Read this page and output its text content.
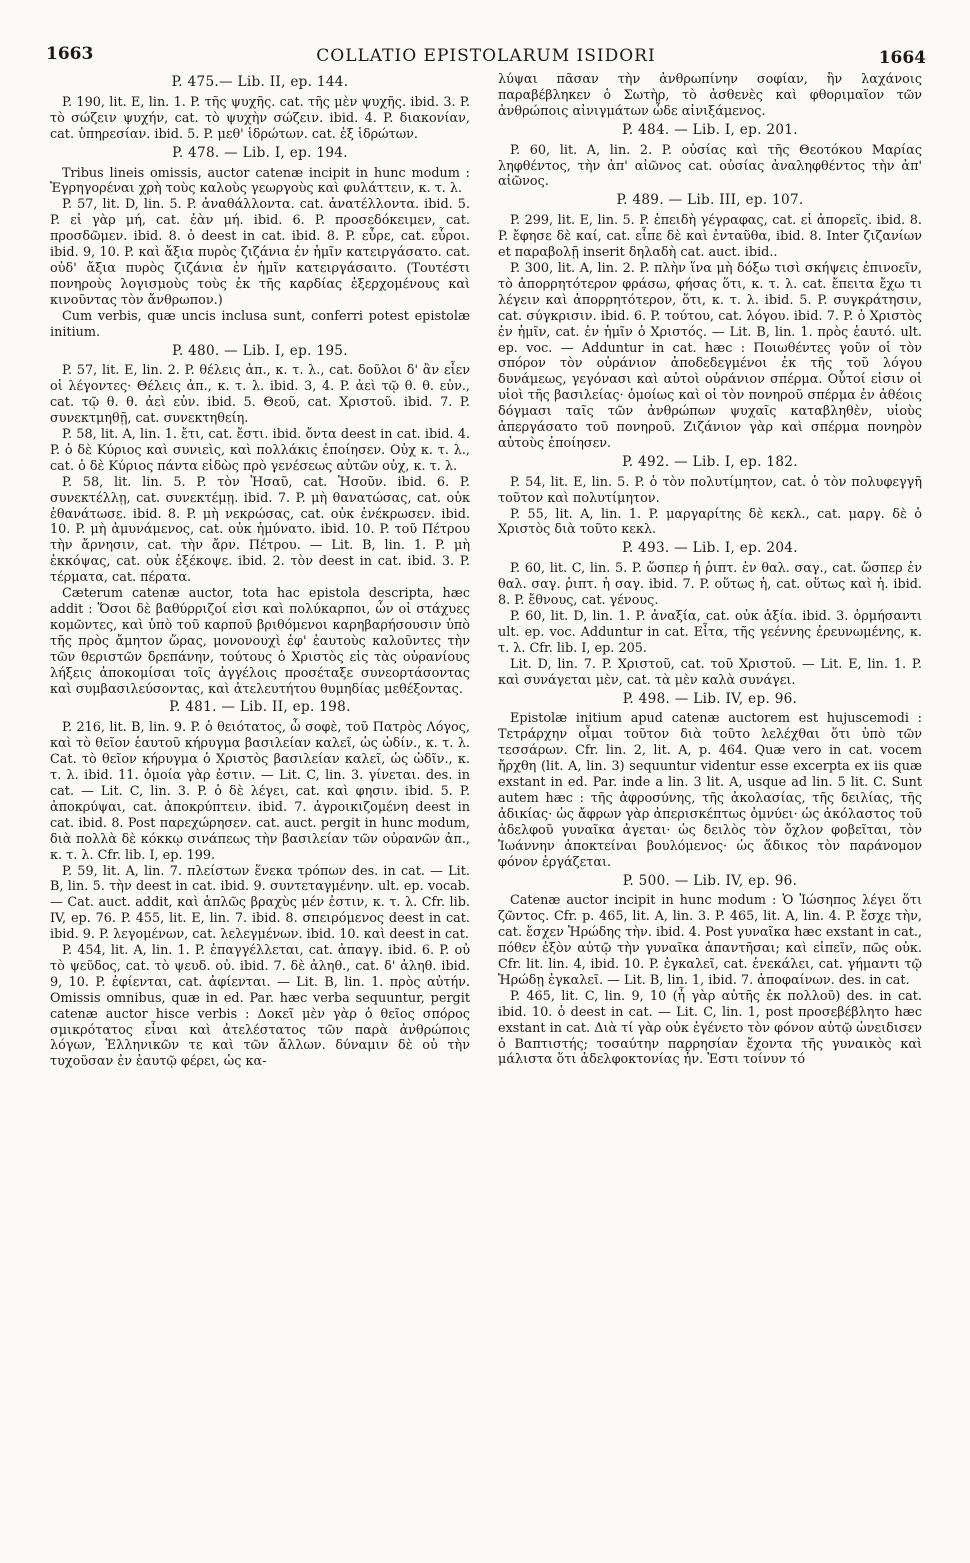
1663	COLLATIO EPISTOLARUM ISIDORI	1664
P. 475.— Lib. II, ep. 144.

P. 190, lit. E, lin. 1. P. τῆς ψυχῆς. cat. τῆς μὲν ψυχῆς. ibid. 3. P. τὸ σώζειν ψυχήν, cat. τὸ ψυχὴν σώζειν. ibid. 4. P. διακονίαν, cat. ὑπηρεσίαν. ibid. 5. P. μεθ' ἱδρώτων. cat. ἐξ ἱδρώτων.

P. 478. — Lib. I, ep. 194.

Tribus lineis omissis, auctor catenæ incipit in hunc modum : Ἐγρηγορέναι χρὴ τοὺς καλοὺς γεωργοὺς καὶ φυλάττειν, κ. τ. λ.

P. 57, lit. D, lin. 5. P. ἀναθάλλοντα. cat. ἀνατέλλοντα. ibid. 5. P. εἰ γὰρ μή, cat. ἐὰν μή. ibid. 6. P. προσεδόκειμεν, cat. προσδῶμεν. ibid. 8. ὁ deest in cat. ibid. 8. P. εὗρε, cat. εὗροι. ibid. 9, 10. P. καὶ ἄξια πυρὸς ζιζάνια ἐν ἡμῖν κατειργάσατο. cat. οὐδ' ἄξια πυρὸς ζιζάνια ἐν ἡμῖν κατειργάσαιτο. (Τουτέστι πονηροὺς λογισμοὺς τοὺς ἐκ τῆς καρδίας ἐξερχομένους καὶ κινοῦντας τὸν ἄνθρωπον.)

Cum verbis, quæ uncis inclusa sunt, conferri potest epistolæ initium.

P. 480. — Lib. I, ep. 195.

P. 57, lit. E, lin. 2. P. θέλεις ἀπ., κ. τ. λ., cat. δοῦλοι δ' ἂν εἶεν οἱ λέγοντες· Θέλεις ἀπ., κ. τ. λ. ibid. 3, 4. P. ἀεὶ τῷ θ. θ. εὐν., cat. τῷ θ. θ. ἀεὶ εὐν. ibid. 5. Θεοῦ, cat. Χριστοῦ. ibid. 7. P. συνεκτμηθῇ, cat. συνεκτηθείη.

P. 58, lit. A, lin. 1. ἔτι, cat. ἔστι. ibid. ὄντα deest in cat. ibid. 4. P. ὁ δὲ Κύριος καὶ συνιεὶς, καὶ πολλάκις ἐποίησεν. Οὐχ κ. τ. λ., cat. ὁ δὲ Κύριος πάντα εἰδὼς πρὸ γενέσεως αὐτῶν οὐχ, κ. τ. λ.

P. 58, lit. lin. 5. P. τὸν Ἡσαῦ, cat. Ἡσοῦν. ibid. 6. P. συνεκτέλλῃ, cat. συνεκτέμῃ. ibid. 7. P. μὴ θανατώσας, cat. οὐκ ἐθανάτωσε. ibid. 8. P. μὴ νεκρώσας, cat. οὐκ ἐνέκρωσεν. ibid. 10. P. μὴ ἀμυνάμενος, cat. οὐκ ἠμύνατο. ibid. 10. P. τοῦ Πέτρου τὴν ἄρνησιν, cat. τὴν ἄρν. Πέτρου. — Lit. B, lin. 1. P. μὴ ἐκκόψας, cat. οὐκ ἐξέκοψε. ibid. 2. τὸν deest in cat. ibid. 3. P. τέρματα, cat. πέρατα.

Cæterum catenæ auctor, tota hac epistola descripta, hæc addit : Ὅσοι δὲ βαθύρριζοί εἰσι καὶ πολύκαρποι, ὧν οἱ στάχυες κομῶντες, καὶ ὑπὸ τοῦ καρποῦ βριθόμενοι καρηβαρήσουσιν ὑπὸ τῆς πρὸς ἄμητον ὥρας, μονονουχὶ ἐφ' ἑαυτοὺς καλοῦντες τὴν τῶν θεριστῶν δρεπάνην, τούτους ὁ Χριστὸς εἰς τὰς οὐρανίους λήξεις ἀποκομίσαι τοῖς ἀγγέλοις προσέταξε συνεορτάσοντας καὶ συμβασιλεύσοντας, καὶ ἀτελευτήτου θυμηδίας μεθέξοντας.

P. 481. — Lib. II, ep. 198.

P. 216, lit. B, lin. 9. P. ὁ θειότατος, ὦ σοφὲ, τοῦ Πατρὸς Λόγος, καὶ τὸ θεῖον ἑαυτοῦ κήρυγμα βασιλείαν καλεῖ, ὡς ὠδίν., κ. τ. λ. Cat. τὸ θεῖον κήρυγμα ὁ Χριστὸς βασιλείαν καλεῖ, ὡς ὠδῖν., κ. τ. λ. ibid. 11. ὁμοία γὰρ ἐστιν. — Lit. C, lin. 3. γίνεται. des. in cat. — Lit. C, lin. 3. P. ὁ δὲ λέγει, cat. καὶ φησιν. ibid. 5. P. ἀποκρύψαι, cat. ἀποκρύπτειν. ibid. 7. ἀγροικιζομένη deest in cat. ibid. 8. Post παρεχώρησεν. cat. auct. pergit in hunc modum, διὰ πολλὰ δὲ κόκκῳ σινάπεως τὴν βασιλείαν τῶν οὐρανῶν ἀπ., κ. τ. λ. Cfr. lib. I, ep. 199.

P. 59, lit. A, lin. 7. πλείστων ἕνεκα τρόπων des. in cat. — Lit. B, lin. 5. τὴν deest in cat. ibid. 9. συντεταγμένην. ult. ep. vocab. — Cat. auct. addit, καὶ ἁπλῶς βραχὺς μέν ἐστιν, κ. τ. λ. Cfr. lib. IV, ep. 76. P. 455, lit. E, lin. 7. ibid. 8. σπειρόμενος deest in cat. ibid. 9. P. λεγομένων, cat. λελεγμένων. ibid. 10. καὶ deest in cat.

P. 454, lit. A, lin. 1. P. ἐπαγγέλλεται, cat. ἀπαγγ. ibid. 6. P. οὐ τὸ ψεῦδος, cat. τὸ ψευδ. οὐ. ibid. 7. δὲ ἀληθ., cat. δ' ἀληθ. ibid. 9, 10. P. ἐφίενται, cat. ἀφίενται. — Lit. B, lin. 1. πρὸς αὐτήν. Omissis omnibus, quæ in ed. Par. hæc verba sequuntur, pergit catenæ auctor hisce verbis : Δοκεῖ μὲν γὰρ ὁ θεῖος σπόρος σμικρότατος εἶναι καὶ ἀτελέστατος τῶν παρὰ ἀνθρώποις λόγων, Ἑλληνικῶν τε καὶ τῶν ἄλλων. δύναμιν δὲ οὐ τὴν τυχοῦσαν ἐν ἑαυτῷ φέρει, ὡς κα-

λύψαι πᾶσαν τὴν ἀνθρωπίνην σοφίαν, ἣν λαχάνοις παραβέβληκεν ὁ Σωτὴρ, τὸ ἀσθενὲς καὶ φθοριμαῖον τῶν ἀνθρώποις αἰνιγμάτων ὧδε αἰνιξάμενος.

P. 484. — Lib. I, ep. 201.

P. 60, lit. A, lin. 2. P. οὐσίας καὶ τῆς Θεοτόκου Μαρίας ληφθέντος, τὴν ἀπ' αἰῶνος cat. οὐσίας ἀναληφθέντος τὴν ἀπ' αἰῶνος.

P. 489. — Lib. III, ep. 107.

P. 299, lit. E, lin. 5. P. ἐπειδὴ γέγραφας, cat. εἰ ἀπορεῖς. ibid. 8. P. ἔφησε δὲ καί, cat. εἶπε δὲ καὶ ἐνταῦθα, ibid. 8. Inter ζιζανίων et παραβολῇ inserit δηλαδὴ cat. auct. ibid..

P. 300, lit. A, lin. 2. P. πλὴν ἵνα μὴ δόξω τισὶ σκήψεις ἐπινοεῖν, τὸ ἀπορρητότερον φράσω, φήσας ὅτι, κ. τ. λ. cat. ἔπειτα ἔχω τι λέγειν καὶ ἀπορρητότερον, ὅτι, κ. τ. λ. ibid. 5. P. συγκράτησιν, cat. σύγκρισιν. ibid. 6. P. τούτου, cat. λόγου. ibid. 7. P. ὁ Χριστὸς ἐν ἡμῖν, cat. ἐν ἡμῖν ὁ Χριστός. — Lit. B, lin. 1. πρὸς ἑαυτό. ult. ep. voc. — Adduntur in cat. hæc : Ποιωθέντες γοῦν οἱ τὸν σπόρον τὸν οὐράνιον ἀποδεδεγμένοι ἐκ τῆς τοῦ λόγου δυνάμεως, γεγόνασι καὶ αὐτοὶ οὐράνιον σπέρμα. Οὗτοί εἰσιν οἱ υἱοὶ τῆς βασιλείας· ὁμοίως καὶ οἱ τὸν πονηροῦ σπέρμα ἐν ἀθέοις δόγμασι ταῖς τῶν ἀνθρώπων ψυχαῖς καταβληθὲν, υἱοὺς ἀπεργάσατο τοῦ πονηροῦ. Ζιζάνιον γὰρ καὶ σπέρμα πονηρὸν αὐτοὺς ἐποίησεν.

P. 492. — Lib. I, ep. 182.

P. 54, lit. E, lin. 5. P. ὁ τὸν πολυτίμητον, cat. ὁ τὸν πολυφεγγῆ τοῦτον καὶ πολυτίμητον.

P. 55, lit. A, lin. 1. P. μαργαρίτης δὲ κεκλ., cat. μαργ. δὲ ὁ Χριστὸς διὰ τοῦτο κεκλ.

P. 493. — Lib. I, ep. 204.

P. 60, lit. C, lin. 5. P. ὥσπερ ἡ ῥιπτ. ἐν θαλ. σαγ., cat. ὥσπερ ἐν θαλ. σαγ. ῥιπτ. ἡ σαγ. ibid. 7. P. οὕτως ἡ, cat. οὕτως καὶ ἡ. ibid. 8. P. ἔθνους, cat. γένους.

P. 60, lit. D, lin. 1. P. ἀναξία, cat. οὐκ ἀξία. ibid. 3. ὁρμήσαντι ult. ep. voc. Adduntur in cat. Εἶτα, τῆς γεέννης ἐρευνωμένης, κ. τ. λ. Cfr. lib. I, ep. 205.

Lit. D, lin. 7. P. Χριστοῦ, cat. τοῦ Χριστοῦ. — Lit. E, lin. 1. P. καὶ συνάγεται μὲν, cat. τὰ μὲν καλὰ συνάγει.

P. 498. — Lib. IV, ep. 96.

Epistolæ initium apud catenæ auctorem est hujuscemodi : Τετράρχην οἶμαι τοῦτον διὰ τοῦτο λελέχθαι ὅτι ὑπὸ τῶν τεσσάρων. Cfr. lin. 2, lit. A, p. 464. Quæ vero in cat. vocem ἤρχθη (lit. A, lin. 3) sequuntur videntur esse excerpta ex iis quæ exstant in ed. Par. inde a lin. 3 lit. A, usque ad lin. 5 lit. C. Sunt autem hæc : τῆς ἀφροσύνης, τῆς ἀκολασίας, τῆς δειλίας, τῆς ἀδικίας· ὡς ἄφρων γὰρ ἀπερισκέπτως ὀμνύει· ὡς ἀκόλαστος τοῦ ἀδελφοῦ γυναῖκα ἀγεται· ὡς δειλὸς τὸν ὄχλον φοβεῖται, τὸν Ἰωάννην ἀποκτείναι βουλόμενος· ὡς ἄδικος τὸν παράνομον φόνον ἐργάζεται.

P. 500. — Lib. IV, ep. 96.

Catenæ auctor incipit in hunc modum : Ὁ Ἰώσηπος λέγει ὅτι ζῶντος. Cfr. p. 465, lit. A, lin. 3. P. 465, lit. A, lin. 4. P. ἔσχε τὴν, cat. ἔσχεν Ἡρώδης τὴν. ibid. 4. Post γυναῖκα hæc exstant in cat., πόθεν ἐξὸν αὐτῷ τὴν γυναῖκα ἀπαντῆσαι; καὶ εἰπεῖν, πῶς οὐκ. Cfr. lit. lin. 4, ibid. 10. P. ἐγκαλεῖ, cat. ἐνεκάλει, cat. γήμαντι τῷ Ἡρώδῃ ἐγκαλεῖ. — Lit. B, lin. 1, ibid. 7. ἀποφαίνων. des. in cat.

P. 465, lit. C, lin. 9, 10 (ἦ γὰρ αὐτῆς ἐκ πολλοῦ) des. in cat. ibid. 10. ὁ deest in cat. — Lit. C, lin. 1, post προσεβέβλητο hæc exstant in cat. Διὰ τί γὰρ οὐκ ἐγένετο τὸν φόνον αὐτῷ ὠνειδισεν ὁ Βαπτιστής; τοσαύτην παρρησίαν ἔχοντα τῆς γυναικὸς καὶ μάλιστα ὅτι ἀδελφοκτονίας ἦν. Ἐστι τοίνυν τό
